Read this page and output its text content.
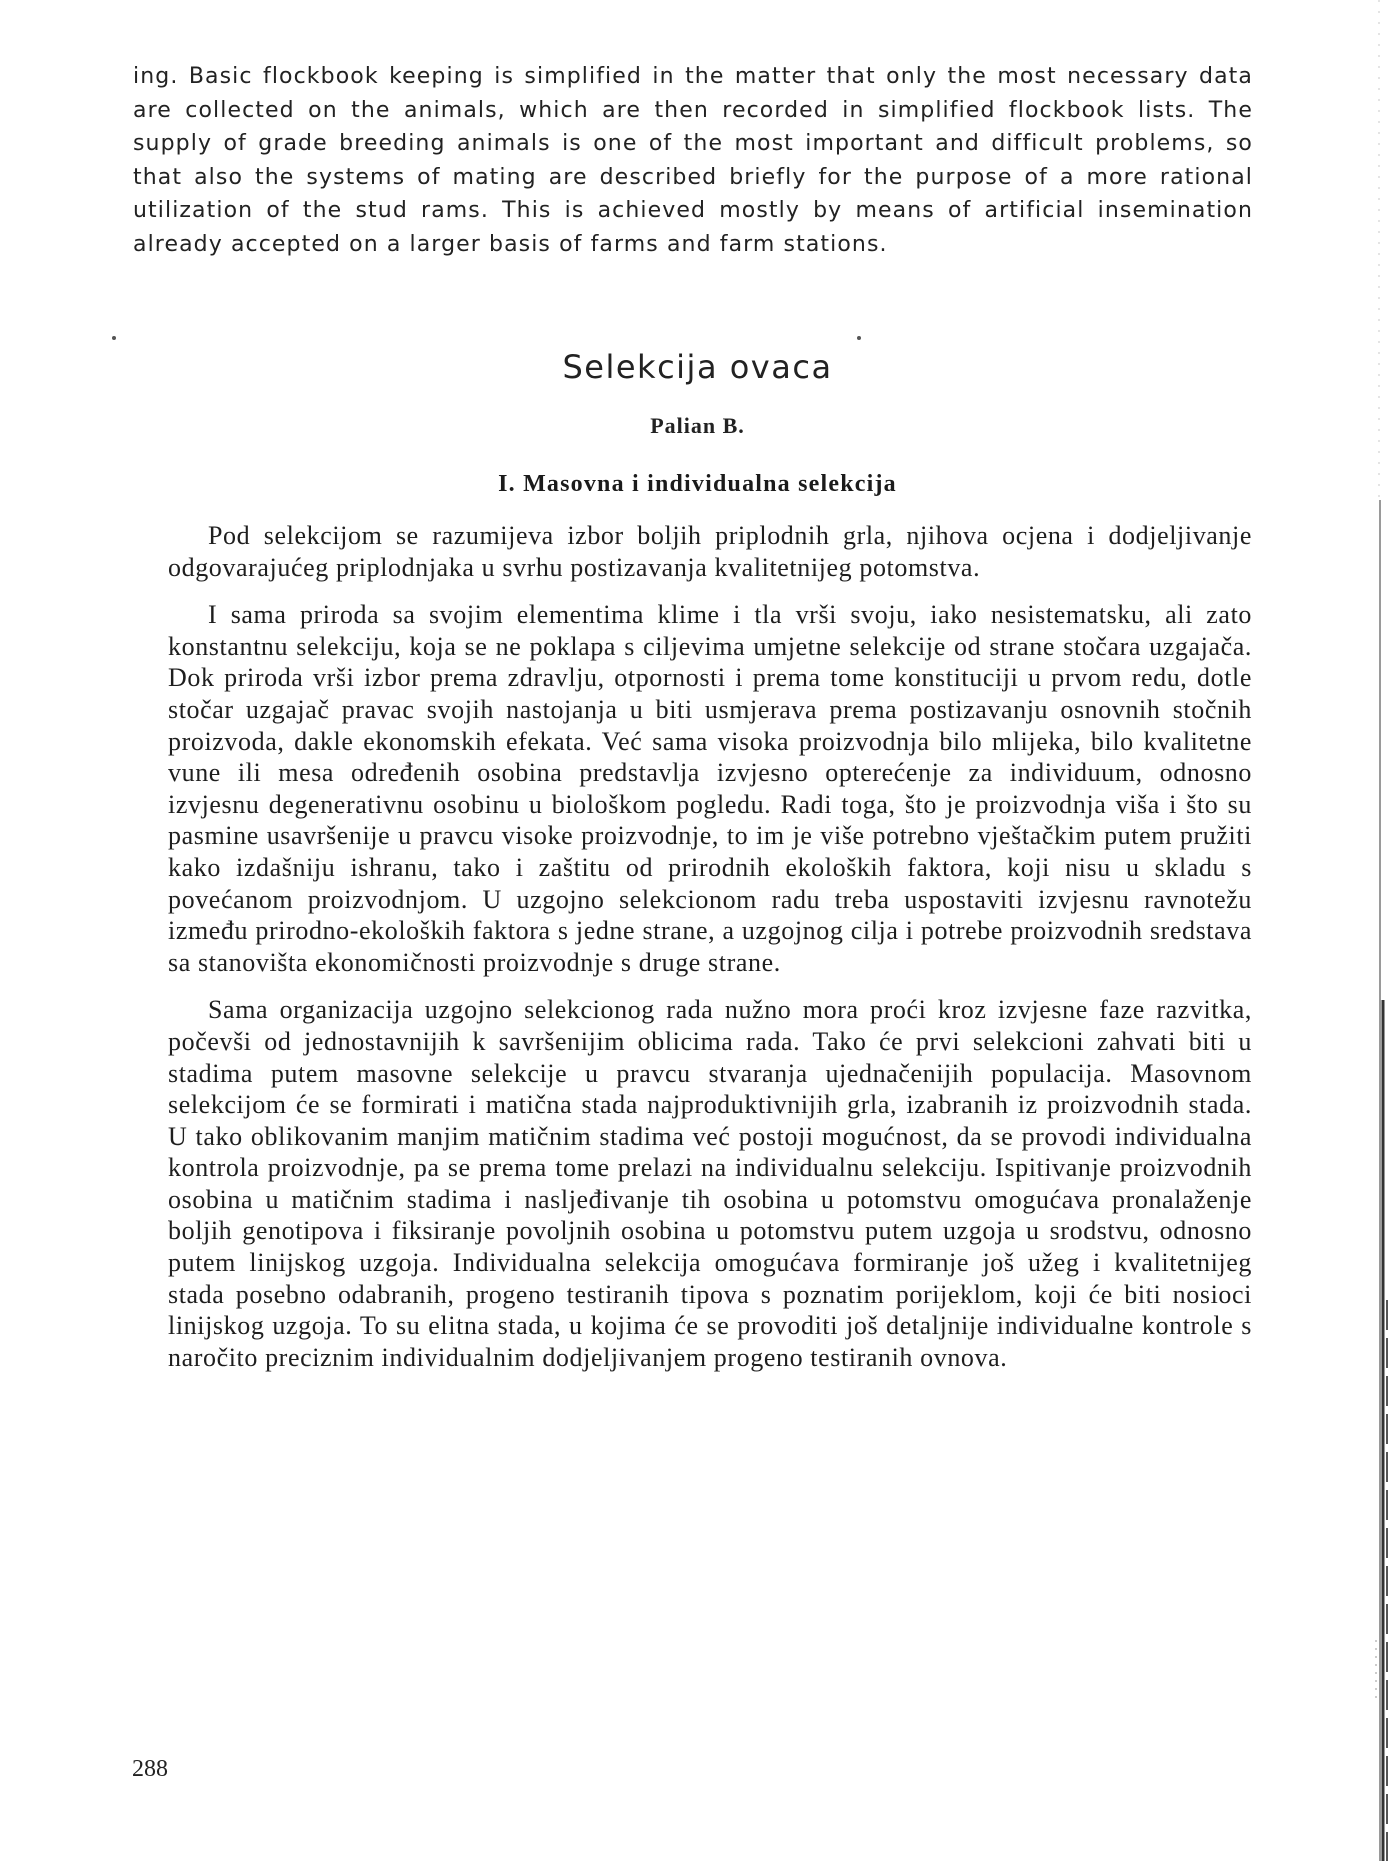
ing. Basic flockbook keeping is simplified in the matter that only the most necessary data are collected on the animals, which are then recorded in simplified flockbook lists. The supply of grade breeding animals is one of the most important and difficult problems, so that also the systems of mating are described briefly for the purpose of a more rational utilization of the stud rams. This is achieved mostly by means of artificial insemination already accepted on a larger basis of farms and farm stations.

Selekcija ovaca

Palian B.

I. Masovna i individualna selekcija

Pod selekcijom se razumijeva izbor boljih priplodnih grla, njihova ocjena i dodjeljivanje odgovarajućeg priplodnjaka u svrhu postizavanja kvalitetnijeg potomstva.

I sama priroda sa svojim elementima klime i tla vrši svoju, iako nesistematsku, ali zato konstantnu selekciju, koja se ne poklapa s ciljevima umjetne selekcije od strane stočara uzgajača. Dok priroda vrši izbor prema zdravlju, otpornosti i prema tome konstituciji u prvom redu, dotle stočar uzgajač pravac svojih nastojanja u biti usmjerava prema postizavanju osnovnih stočnih proizvoda, dakle ekonomskih efekata. Već sama visoka proizvodnja bilo mlijeka, bilo kvalitetne vune ili mesa određenih osobina predstavlja izvjesno opterećenje za individuum, odnosno izvjesnu degenerativnu osobinu u biološkom pogledu. Radi toga, što je proizvodnja viša i što su pasmine usavršenije u pravcu visoke proizvodnje, to im je više potrebno vještačkim putem pružiti kako izdašniju ishranu, tako i zaštitu od prirodnih ekoloških faktora, koji nisu u skladu s povećanom proizvodnjom. U uzgojno selekcionom radu treba uspostaviti izvjesnu ravnotežu između prirodno-ekoloških faktora s jedne strane, a uzgojnog cilja i potrebe proizvodnih sredstava sa stanovišta ekonomičnosti proizvodnje s druge strane.

Sama organizacija uzgojno selekcionog rada nužno mora proći kroz izvjesne faze razvitka, počevši od jednostavnijih k savršenijim oblicima rada. Tako će prvi selekcioni zahvati biti u stadima putem masovne selekcije u pravcu stvaranja ujednačenijih populacija. Masovnom selekcijom će se formirati i matična stada najproduktivnijih grla, izabranih iz proizvodnih stada. U tako oblikovanim manjim matičnim stadima već postoji mogućnost, da se provodi individualna kontrola proizvodnje, pa se prema tome prelazi na individualnu selekciju. Ispitivanje proizvodnih osobina u matičnim stadima i nasljeđivanje tih osobina u potomstvu omogućava pronalaženje boljih genotipova i fiksiranje povoljnih osobina u potomstvu putem uzgoja u srodstvu, odnosno putem linijskog uzgoja. Individualna selekcija omogućava formiranje još užeg i kvalitetnijeg stada posebno odabranih, progeno testiranih tipova s poznatim porijeklom, koji će biti nosioci linijskog uzgoja. To su elitna stada, u kojima će se provoditi još detaljnije individualne kontrole s naročito preciznim individualnim dodjeljivanjem progeno testiranih ovnova.

288
